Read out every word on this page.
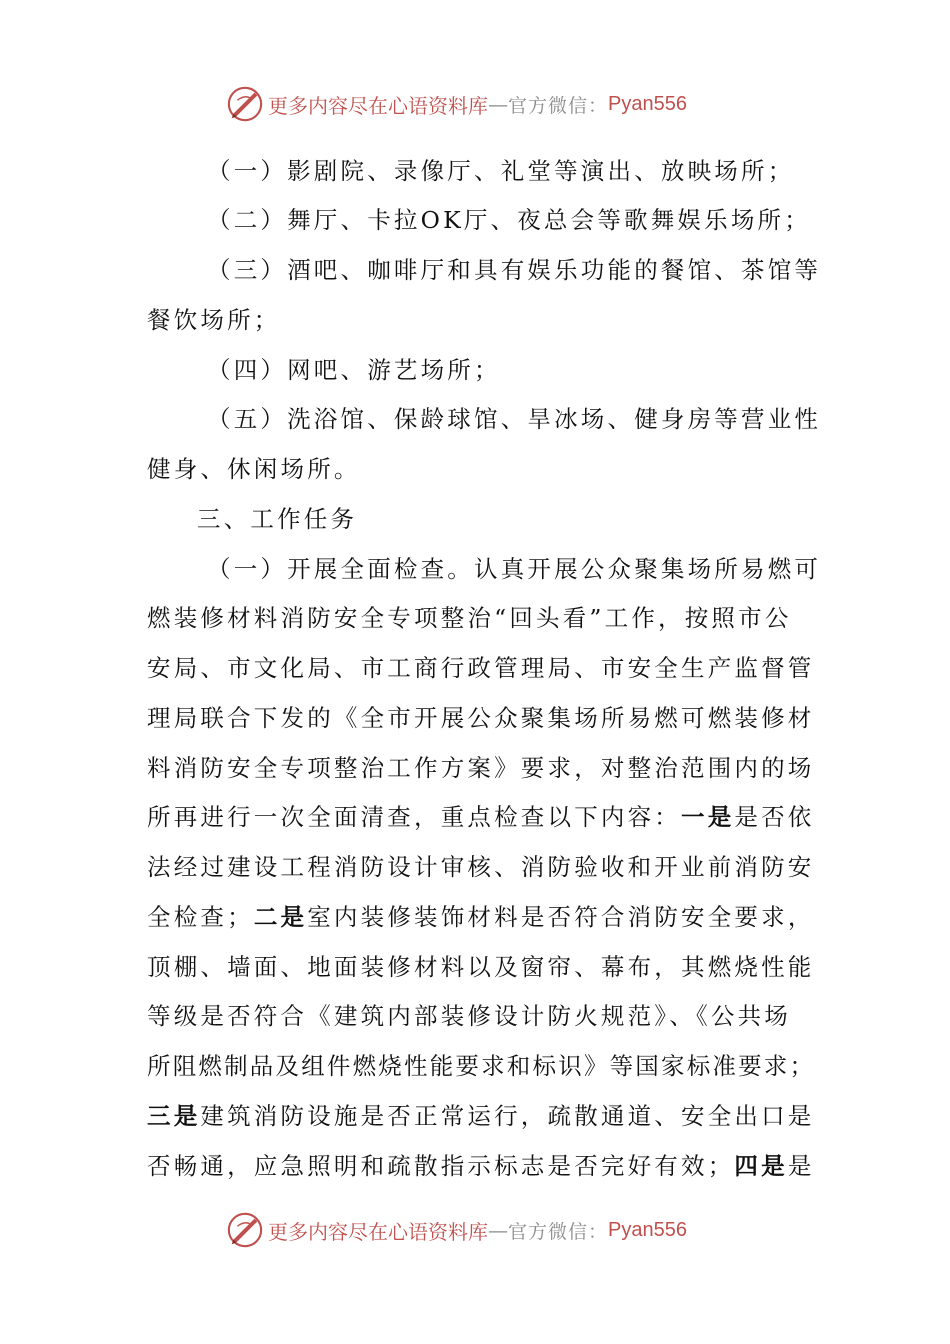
更多内容尽在心语资料库 — 官方微信： Pyan556
（一）影剧院、录像厅、礼堂等演出、放映场所；
（二）舞厅、卡拉OK厅、夜总会等歌舞娱乐场所；
（三）酒吧、咖啡厅和具有娱乐功能的餐馆、茶馆等
餐饮场所；
（四）网吧、游艺场所；
（五）洗浴馆、保龄球馆、旱冰场、健身房等营业性
健身、休闲场所。
三、工作任务
（一）开展全面检查。认真开展公众聚集场所易燃可
燃装修材料消防安全专项整治“回头看”工作，按照市公
安局、市文化局、市工商行政管理局、市安全生产监督管
理局联合下发的《全市开展公众聚集场所易燃可燃装修材
料消防安全专项整治工作方案》要求，对整治范围内的场
所再进行一次全面清查，重点检查以下内容：一是是否依
法经过建设工程消防设计审核、消防验收和开业前消防安
全检查；二是室内装修装饰材料是否符合消防安全要求，
顶棚、墙面、地面装修材料以及窗帘、幕布，其燃烧性能
等级是否符合《建筑内部装修设计防火规范》、《公共场
所阻燃制品及组件燃烧性能要求和标识》等国家标准要求；
三是建筑消防设施是否正常运行，疏散通道、安全出口是
否畅通，应急照明和疏散指示标志是否完好有效；四是是
更多内容尽在心语资料库 — 官方微信： Pyan556
